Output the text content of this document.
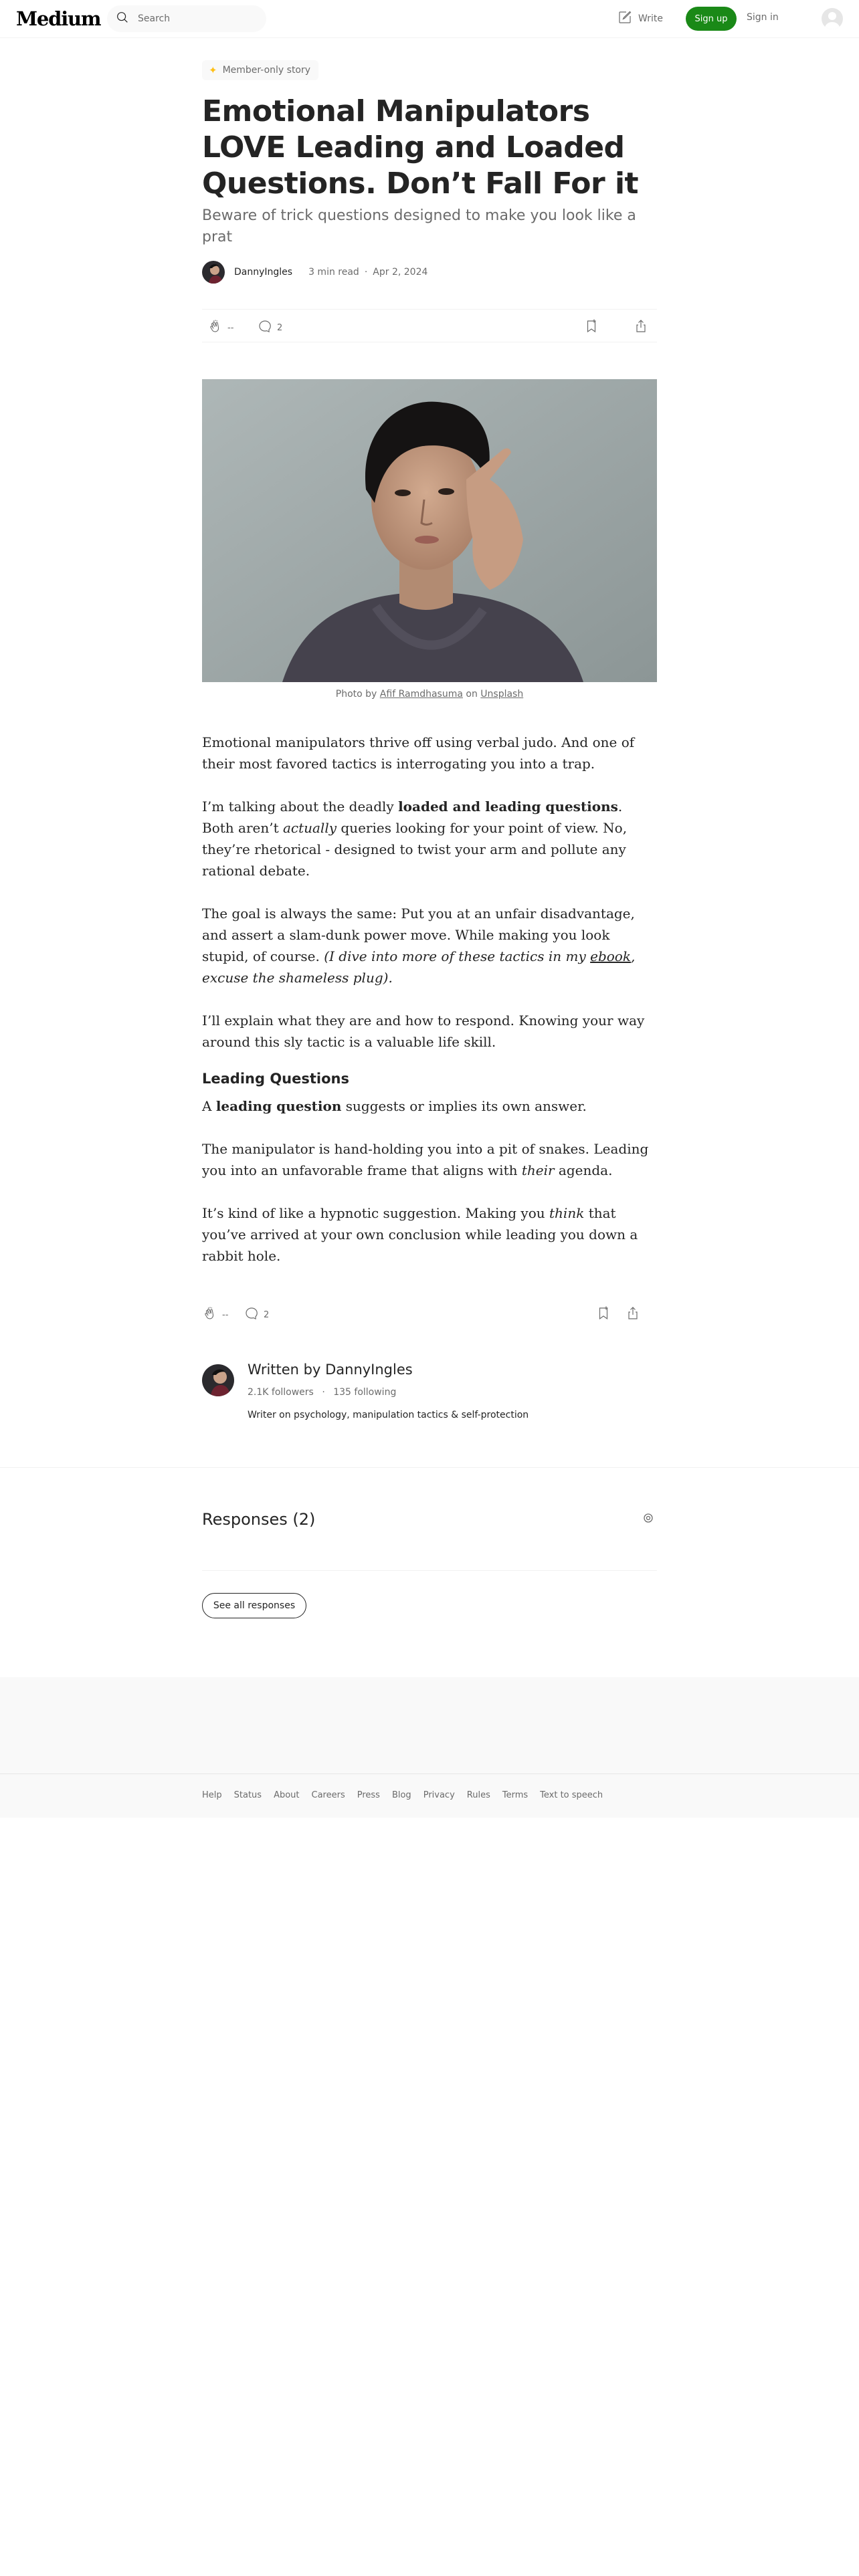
Medium
Search	Write	Sign up	Sign in
✦ Member-only story
Emotional Manipulators LOVE Leading and Loaded Questions. Don’t Fall For it
Beware of trick questions designed to make you look like a prat
DannyIngles 3 min read · Apr 2, 2024
--	2
Photo by Afif Ramdhasuma on Unsplash

Emotional manipulators thrive off using verbal judo. And one of their most favored tactics is interrogating you into a trap.

I’m talking about the deadly loaded and leading questions. Both aren’t actually queries looking for your point of view. No, they’re rhetorical - designed to twist your arm and pollute any rational debate.

The goal is always the same: Put you at an unfair disadvantage, and assert a slam-dunk power move. While making you look stupid, of course. (I dive into more of these tactics in my ebook, excuse the shameless plug).

I’ll explain what they are and how to respond. Knowing your way around this sly tactic is a valuable life skill.

Leading Questions

A leading question suggests or implies its own answer.

The manipulator is hand-holding you into a pit of snakes. Leading you into an unfavorable frame that aligns with their agenda.

It’s kind of like a hypnotic suggestion. Making you think that you’ve arrived at your own conclusion while leading you down a rabbit hole.

--	2
Written by DannyIngles
2.1K followers · 135 following
Writer on psychology, manipulation tactics & self-protection
Responses (2)
See all responses
Help Status About Careers Press Blog Privacy Rules Terms Text to speech
